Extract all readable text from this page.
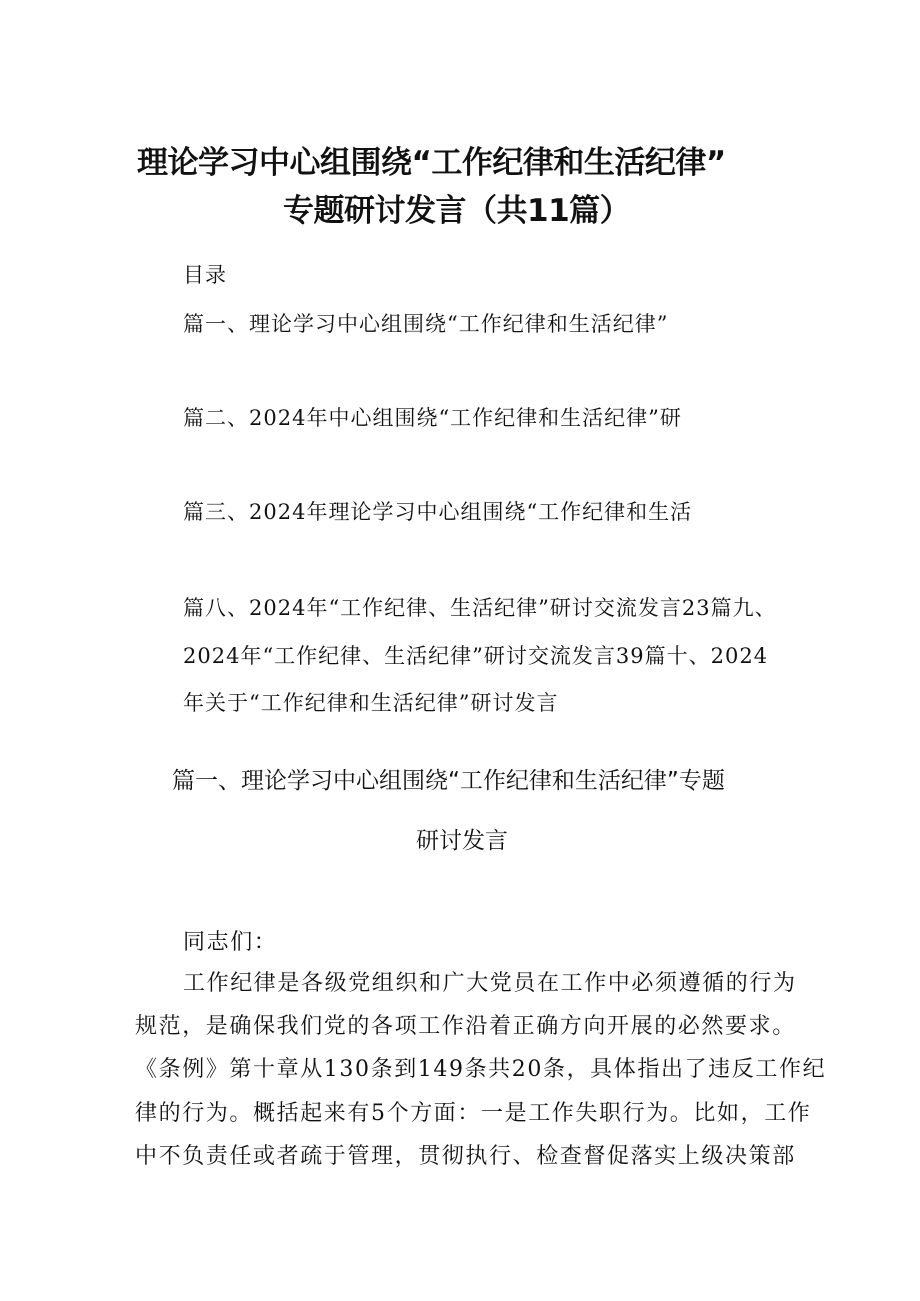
理论学习中心组围绕“工作纪律和生活纪律”
专题研讨发言（共11篇）
目录
篇一、理论学习中心组围绕“工作纪律和生活纪律”
篇二、2024年中心组围绕“工作纪律和生活纪律”研
篇三、2024年理论学习中心组围绕“工作纪律和生活
篇八、2024年“工作纪律、生活纪律”研讨交流发言23篇九、
2024年“工作纪律、生活纪律”研讨交流发言39篇十、2024
年关于“工作纪律和生活纪律”研讨发言
篇一、理论学习中心组围绕“工作纪律和生活纪律”专题
研讨发言
同志们：
工作纪律是各级党组织和广大党员在工作中必须遵循的行为
规范，是确保我们党的各项工作沿着正确方向开展的必然要求。
《条例》第十章从130条到149条共20条，具体指出了违反工作纪
律的行为。概括起来有5个方面：一是工作失职行为。比如，工作
中不负责任或者疏于管理，贯彻执行、检查督促落实上级决策部
